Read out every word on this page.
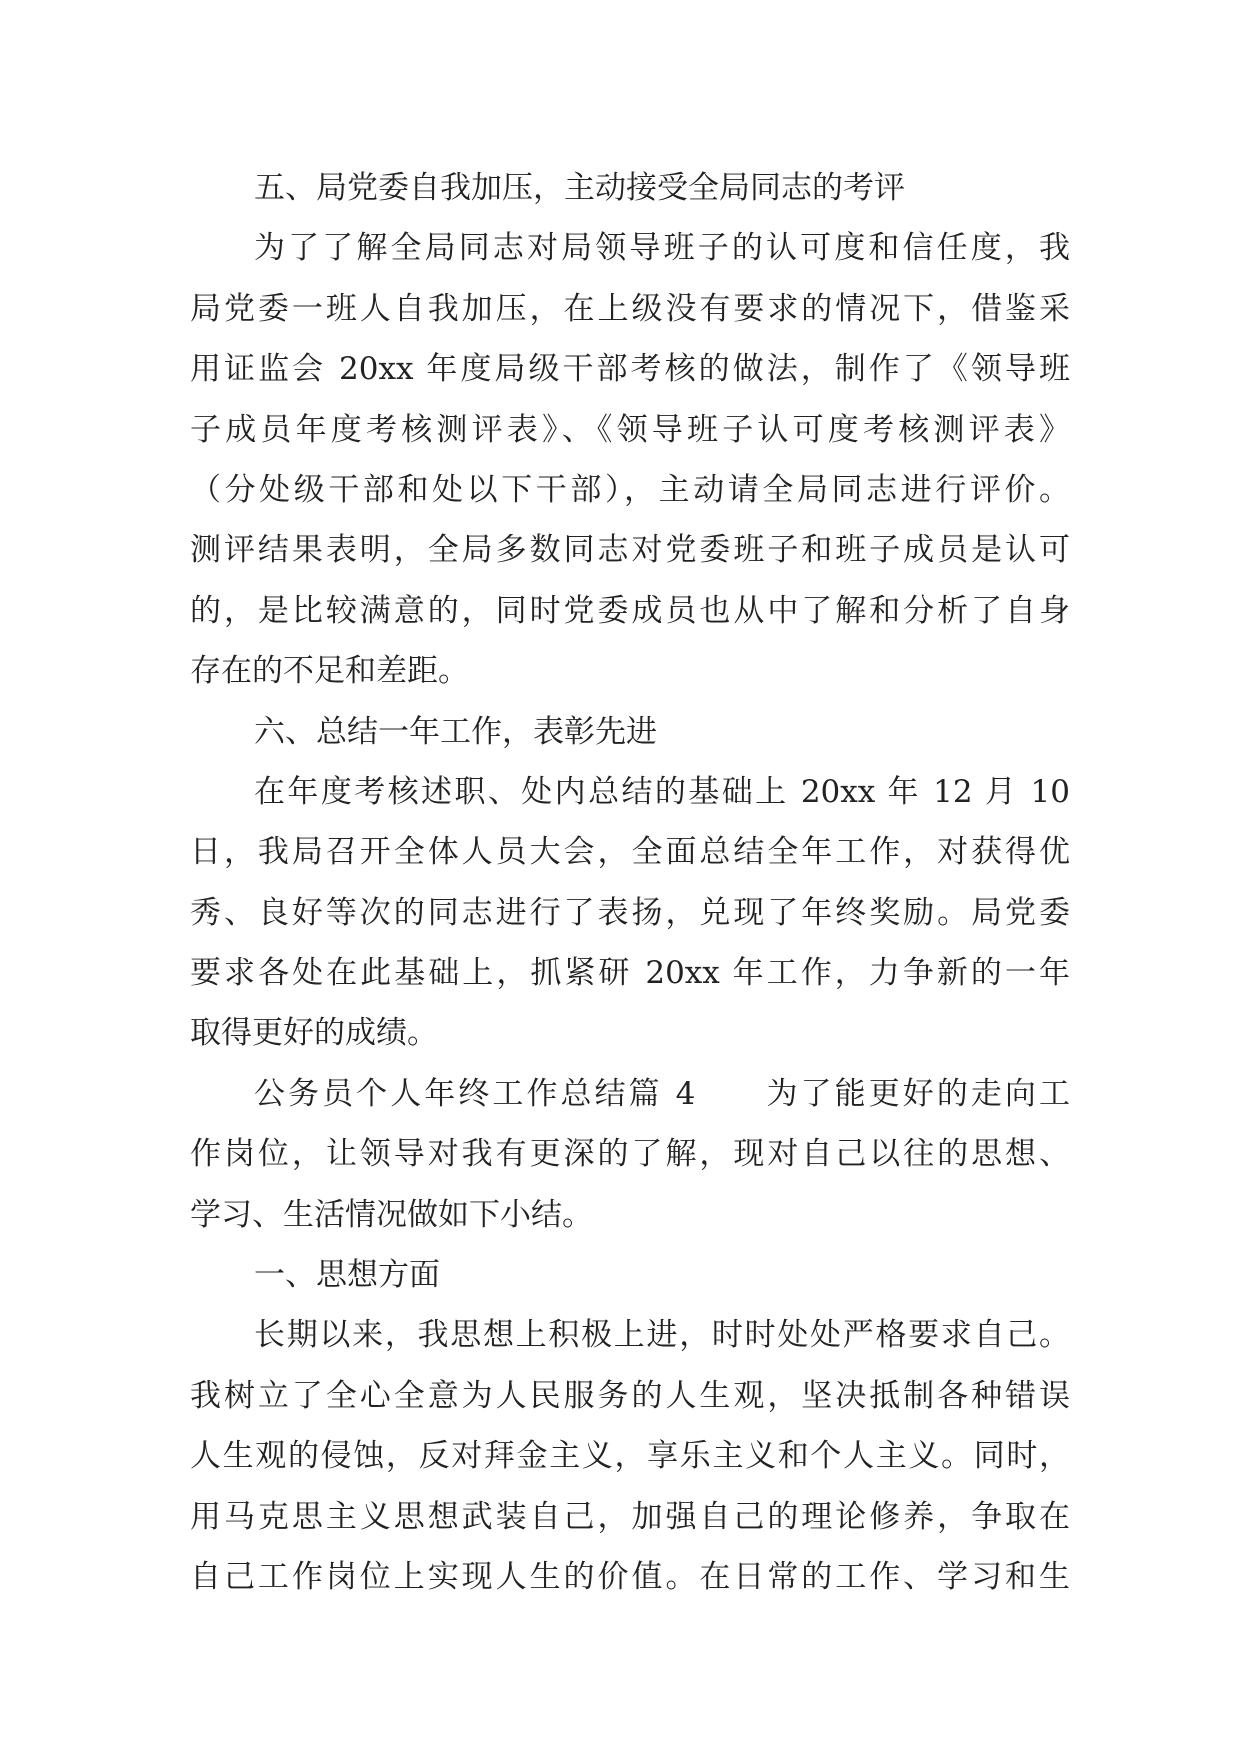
五、局党委自我加压，主动接受全局同志的考评
为了了解全局同志对局领导班子的认可度和信任度，我
局党委一班人自我加压，在上级没有要求的情况下，借鉴采
用证监会 20xx 年度局级干部考核的做法，制作了《领导班
子成员年度考核测评表》、《领导班子认可度考核测评表》
（分处级干部和处以下干部），主动请全局同志进行评价。
测评结果表明，全局多数同志对党委班子和班子成员是认可
的，是比较满意的，同时党委成员也从中了解和分析了自身
存在的不足和差距。
六、总结一年工作，表彰先进
在年度考核述职、处内总结的基础上 20xx 年 12 月 10
日，我局召开全体人员大会，全面总结全年工作，对获得优
秀、良好等次的同志进行了表扬，兑现了年终奖励。局党委
要求各处在此基础上，抓紧研 20xx 年工作，力争新的一年
取得更好的成绩。
公务员个人年终工作总结篇 4　　为了能更好的走向工
作岗位，让领导对我有更深的了解，现对自己以往的思想、
学习、生活情况做如下小结。
一、思想方面
长期以来，我思想上积极上进，时时处处严格要求自己。
我树立了全心全意为人民服务的人生观，坚决抵制各种错误
人生观的侵蚀，反对拜金主义，享乐主义和个人主义。同时，
用马克思主义思想武装自己，加强自己的理论修养，争取在
自己工作岗位上实现人生的价值。在日常的工作、学习和生
